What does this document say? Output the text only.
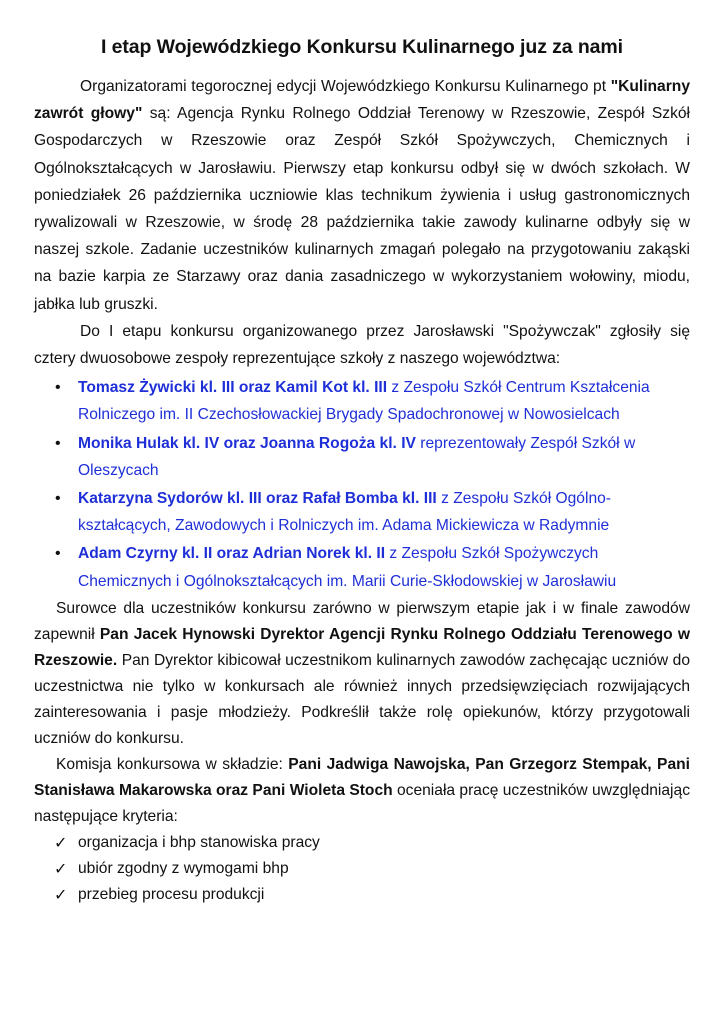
I etap Wojewódzkiego Konkursu Kulinarnego juz za nami

Organizatorami tegorocznej edycji Wojewódzkiego Konkursu Kulinarnego pt "Kulinarny zawrót głowy" są: Agencja Rynku Rolnego Oddział Terenowy w Rzeszowie, Zespół Szkół Gospodarczych w Rzeszowie oraz Zespół Szkół Spożywczych, Chemicznych i Ogólnokształcących w Jarosławiu. Pierwszy etap konkursu odbył się w dwóch szkołach. W poniedziałek 26 października uczniowie klas technikum żywienia i usług gastronomicznych rywalizowali w Rzeszowie, w środę 28 października takie zawody kulinarne odbyły się w naszej szkole. Zadanie uczestników kulinarnych zmagań polegało na przygotowaniu zakąski na bazie karpia ze Starzawy oraz dania zasadniczego w wykorzystaniem wołowiny, miodu, jabłka lub gruszki.

Do I etapu konkursu organizowanego przez Jarosławski "Spożywczak" zgłosiły się cztery dwuosobowe zespoły reprezentujące szkoły z naszego województwa:

• Tomasz Żywicki kl. III oraz Kamil Kot kl. III z Zespołu Szkół Centrum Kształcenia Rolniczego im. II Czechosłowackiej Brygady Spadochronowej w Nowosielcach
• Monika Hulak kl. IV oraz Joanna Rogoża kl. IV reprezentowały Zespół Szkół w Oleszycach
• Katarzyna Sydorów kl. III oraz Rafał Bomba kl. III z Zespołu Szkół Ogólno-kształcących, Zawodowych i Rolniczych im. Adama Mickiewicza w Radymnie
• Adam Czyrny kl. II oraz Adrian Norek kl. II z Zespołu Szkół Spożywczych Chemicznych i Ogólnokształcących im. Marii Curie-Skłodowskiej w Jarosławiu

Surowce dla uczestników konkursu zarówno w pierwszym etapie jak i w finale zawodów zapewnił Pan Jacek Hynowski Dyrektor Agencji Rynku Rolnego Oddziału Terenowego w Rzeszowie. Pan Dyrektor kibicował uczestnikom kulinarnych zawodów zachęcając uczniów do uczestnictwa nie tylko w konkursach ale również innych przedsięwzięciach rozwijających zainteresowania i pasje młodzieży. Podkreślił także rolę opiekunów, którzy przygotowali uczniów do konkursu.

Komisja konkursowa w składzie: Pani Jadwiga Nawojska, Pan Grzegorz Stempak, Pani Stanisława Makarowska oraz Pani Wioleta Stoch oceniała pracę uczestników uwzględniając następujące kryteria:

✓ organizacja i bhp stanowiska pracy
✓ ubiór zgodny z wymogami bhp
✓ przebieg procesu produkcji
